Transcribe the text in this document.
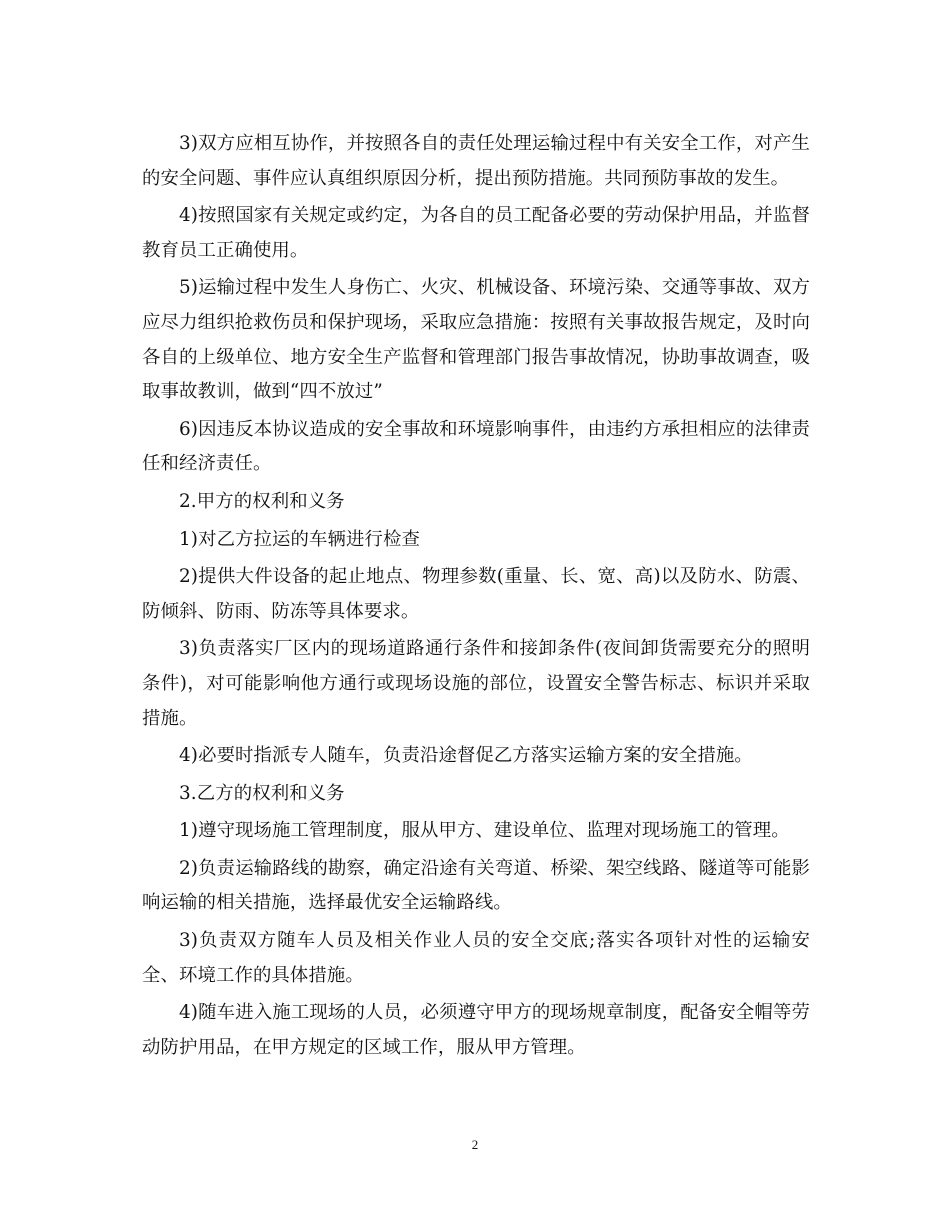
3)双方应相互协作，并按照各自的责任处理运输过程中有关安全工作，对产生的安全问题、事件应认真组织原因分析，提出预防措施。共同预防事故的发生。

4)按照国家有关规定或约定，为各自的员工配备必要的劳动保护用品，并监督教育员工正确使用。

5)运输过程中发生人身伤亡、火灾、机械设备、环境污染、交通等事故、双方应尽力组织抢救伤员和保护现场，采取应急措施：按照有关事故报告规定，及时向各自的上级单位、地方安全生产监督和管理部门报告事故情况，协助事故调查，吸取事故教训，做到“四不放过”

6)因违反本协议造成的安全事故和环境影响事件，由违约方承担相应的法律责任和经济责任。

2.甲方的权利和义务

1)对乙方拉运的车辆进行检查

2)提供大件设备的起止地点、物理参数(重量、长、宽、高)以及防水、防震、防倾斜、防雨、防冻等具体要求。

3)负责落实厂区内的现场道路通行条件和接卸条件(夜间卸货需要充分的照明条件)，对可能影响他方通行或现场设施的部位，设置安全警告标志、标识并采取措施。

4)必要时指派专人随车，负责沿途督促乙方落实运输方案的安全措施。

3.乙方的权利和义务

1)遵守现场施工管理制度，服从甲方、建设单位、监理对现场施工的管理。

2)负责运输路线的勘察，确定沿途有关弯道、桥梁、架空线路、隧道等可能影响运输的相关措施，选择最优安全运输路线。

3)负责双方随车人员及相关作业人员的安全交底;落实各项针对性的运输安全、环境工作的具体措施。

4)随车进入施工现场的人员，必须遵守甲方的现场规章制度，配备安全帽等劳动防护用品，在甲方规定的区域工作，服从甲方管理。

2
